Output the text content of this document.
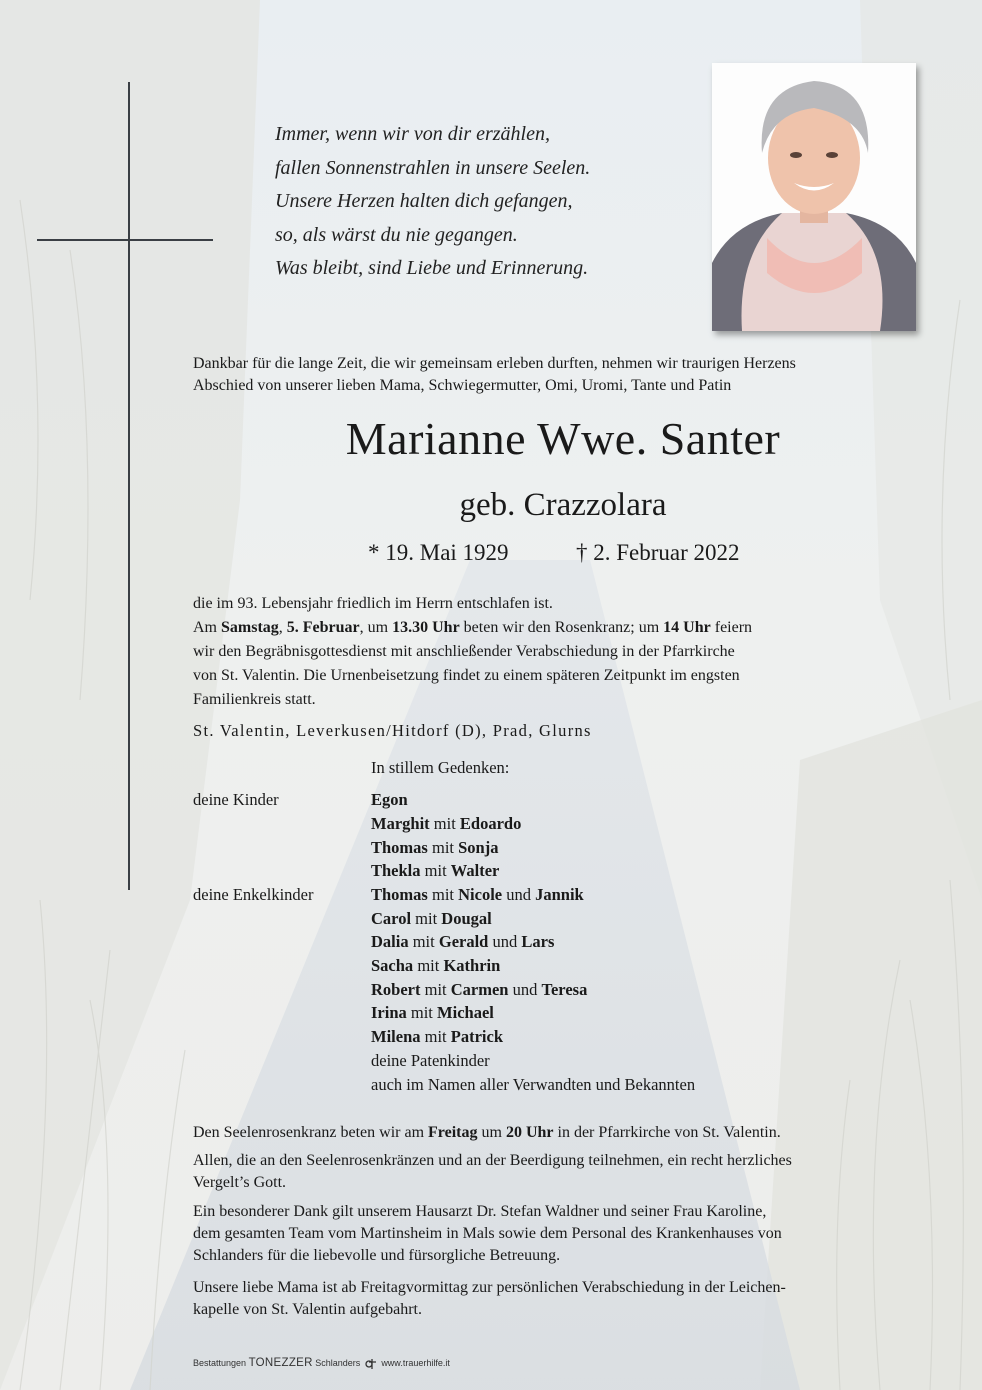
Immer, wenn wir von dir erzählen,
fallen Sonnenstrahlen in unsere Seelen.
Unsere Herzen halten dich gefangen,
so, als wärst du nie gegangen.
Was bleibt, sind Liebe und Erinnerung.
Dankbar für die lange Zeit, die wir gemeinsam erleben durften, nehmen wir traurigen Herzens
Abschied von unserer lieben Mama, Schwiegermutter, Omi, Uromi, Tante und Patin
Marianne Wwe. Santer
geb. Crazzolara
* 19. Mai 1929	† 2. Februar 2022
die im 93. Lebensjahr friedlich im Herrn entschlafen ist.
Am Samstag, 5. Februar, um 13.30 Uhr beten wir den Rosenkranz; um 14 Uhr feiern
wir den Begräbnisgottesdienst mit anschließender Verabschiedung in der Pfarrkirche
von St. Valentin. Die Urnenbeisetzung findet zu einem späteren Zeitpunkt im engsten
Familienkreis statt.
St. Valentin, Leverkusen/Hitdorf (D), Prad, Glurns
In stillem Gedenken:
deine Kinder
deine Enkelkinder
Egon
Marghit mit Edoardo
Thomas mit Sonja
Thekla mit Walter
Thomas mit Nicole und Jannik
Carol mit Dougal
Dalia mit Gerald und Lars
Sacha mit Kathrin
Robert mit Carmen und Teresa
Irina mit Michael
Milena mit Patrick
deine Patenkinder
auch im Namen aller Verwandten und Bekannten
Den Seelenrosenkranz beten wir am Freitag um 20 Uhr in der Pfarrkirche von St. Valentin.
Allen, die an den Seelenrosenkränzen und an der Beerdigung teilnehmen, ein recht herzliches
Vergelt’s Gott.
Ein besonderer Dank gilt unserem Hausarzt Dr. Stefan Waldner und seiner Frau Karoline,
dem gesamten Team vom Martinsheim in Mals sowie dem Personal des Krankenhauses von
Schlanders für die liebevolle und fürsorgliche Betreuung.
Unsere liebe Mama ist ab Freitagvormittag zur persönlichen Verabschiedung in der Leichen-
kapelle von St. Valentin aufgebahrt.
Bestattungen TONEZZER Schlanders www.trauerhilfe.it
